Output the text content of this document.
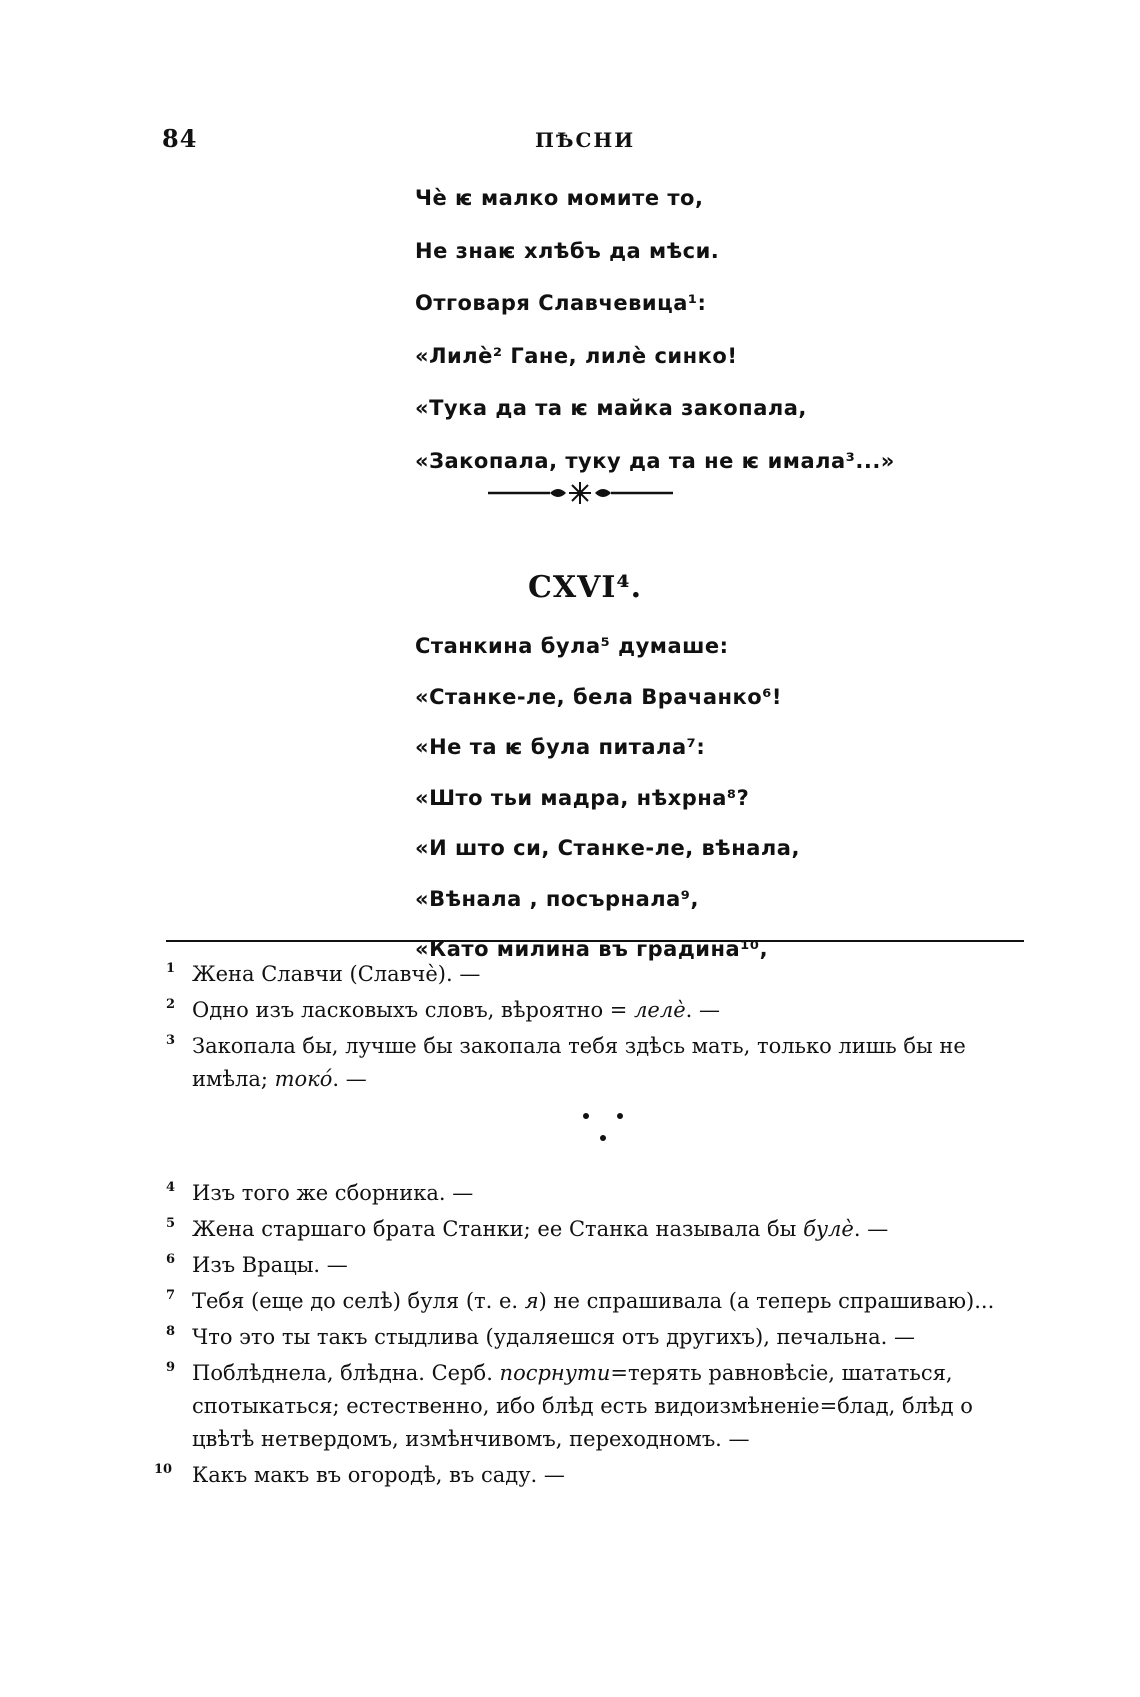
84	ПѢСНИ
Чѐ ѥ малко момите то,
Не знаѥ хлѣбъ да мѣси.
Отговаря Славчевица¹:
«Лилѐ² Гане, лилѐ синко!
«Тука да та ѥ майка закопала,
«Закопала, туку да та не ѥ имала³...»
CXVI⁴.
Станкина була⁵ думаше:
«Станке-ле, бела Врачанко⁶!
«Не та ѥ була питала⁷:
«Што тьи мадра, нѣхрна⁸?
«И што си, Станке-ле, вѣнала,
«Вѣнала , посърнала⁹,
«Като милина въ градина¹⁰,
1 Жена Славчи (Славчѐ). —
2 Одно изъ ласковыхъ словъ, вѣроятно = лелѐ. —
3 Закопала бы, лучше бы закопала тебя здѣсь мать, только лишь бы не имѣла; токо́. —
4 Изъ того же сборника. —
5 Жена старшаго брата Станки; ее Станка называла бы булѐ. —
6 Изъ Врацы. —
7 Тебя (еще до селѣ) буля (т. е. я) не спрашивала (а теперь спрашиваю)...
8 Что это ты такъ стыдлива (удаляешся отъ другихъ), печальна. —
9 Поблѣднела, блѣдна. Серб. посрнути=терять равновѣсіе, шататься, спотыкаться; естественно, ибо блѣд есть видоизмѣненіе=блад, блѣд о цвѣтѣ нетвердомъ, измѣнчивомъ, переходномъ. —
10 Какъ макъ въ огородѣ, въ саду. —
